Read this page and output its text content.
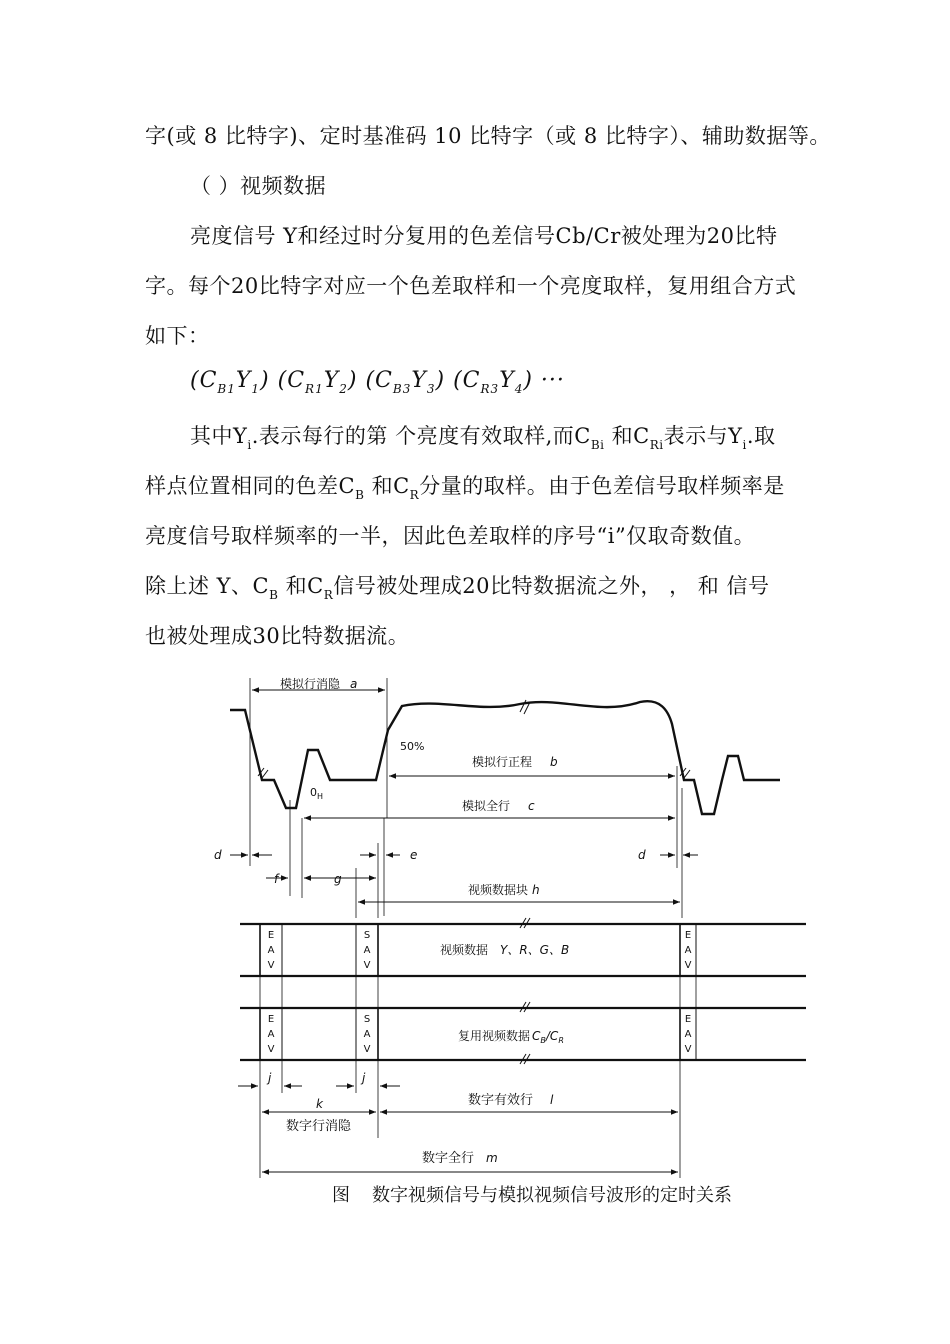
字(或 8 比特字)、定时基准码 10 比特字（或 8 比特字）、辅助数据等。
（ ）视频数据
亮度信号 Y和经过时分复用的色差信号Cb/Cr被处理为20比特
字。每个20比特字对应一个色差取样和一个亮度取样，复用组合方式
如下：
$(C_{B1}Y_1)$ $(C_{R1}Y_2)$ $(C_{B3}Y_3)$ $(C_{R3}Y_4)$ ···
其中$Y_i$.表示每行的第 个亮度有效取样,而$C_{Bi}$ 和$C_{Ri}$表示与$Y_i$.取
样点位置相同的色差$C_B$ 和$C_R$分量的取样。由于色差信号取样频率是
亮度信号取样频率的一半，因此色差取样的序号“i”仅取奇数值。
除上述 Y、$C_B$ 和$C_R$信号被处理成20比特数据流之外， ， 和 信号
也被处理成30比特数据流。
模拟行消隐 a
50%
模拟行正程 b
$0_H$
模拟全行 c
d	d
e
f	g
视频数据块 h
E
A
V
S
A
V
E
A
V
E
A
V
S
A
V
E
A
V
视频数据 Y、R、G、B
复用视频数据 $C_B/C_R$
j	j
k
数字行消隐
数字有效行 l
数字全行 m
图 数字视频信号与模拟视频信号波形的定时关系
